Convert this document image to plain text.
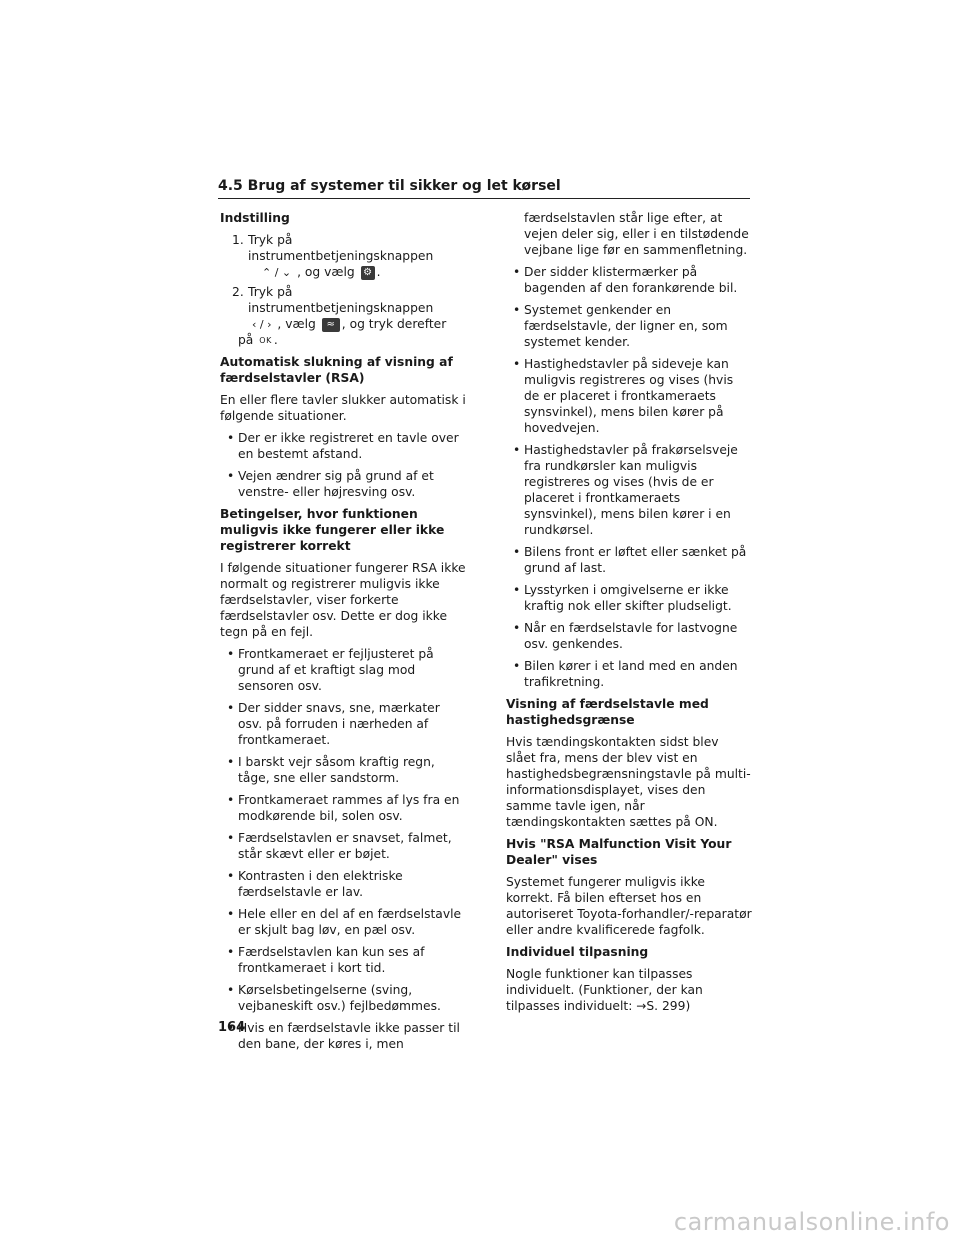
4.5 Brug af systemer til sikker og let kørsel
Indstilling
1. Tryk på instrumentbetjeningsknappen
⌃ / ⌄ , og vælg ⚙ .
2. Tryk på instrumentbetjeningsknappen
‹ / › , vælg ≈ , og tryk derefter
på OK .
Automatisk slukning af visning af færdselstavler (RSA)

En eller flere tavler slukker automatisk i følgende situationer.

• Der er ikke registreret en tavle over en bestemt afstand.
• Vejen ændrer sig på grund af et venstre- eller højresving osv.
Betingelser, hvor funktionen muligvis ikke fungerer eller ikke registrerer korrekt

I følgende situationer fungerer RSA ikke normalt og registrerer muligvis ikke færdselstavler, viser forkerte færdselstavler osv. Dette er dog ikke tegn på en fejl.

• Frontkameraet er fejljusteret på grund af et kraftigt slag mod sensoren osv.
• Der sidder snavs, sne, mærkater osv. på forruden i nærheden af frontkameraet.
• I barskt vejr såsom kraftig regn, tåge, sne eller sandstorm.
• Frontkameraet rammes af lys fra en modkørende bil, solen osv.
• Færdselstavlen er snavset, falmet, står skævt eller er bøjet.
• Kontrasten i den elektriske færdselstavle er lav.
• Hele eller en del af en færdselstavle er skjult bag løv, en pæl osv.
• Færdselstavlen kan kun ses af frontkameraet i kort tid.
• Kørselsbetingelserne (sving, vejbaneskift osv.) fejlbedømmes.
• Hvis en færdselstavle ikke passer til den bane, der køres i, men

færdselstavlen står lige efter, at vejen deler sig, eller i en tilstødende vejbane lige før en sammenfletning.

• Der sidder klistermærker på bagenden af den forankørende bil.
• Systemet genkender en færdselstavle, der ligner en, som systemet kender.
• Hastighedstavler på sideveje kan muligvis registreres og vises (hvis de er placeret i frontkameraets synsvinkel), mens bilen kører på hovedvejen.
• Hastighedstavler på frakørselsveje fra rundkørsler kan muligvis registreres og vises (hvis de er placeret i frontkameraets synsvinkel), mens bilen kører i en rundkørsel.
• Bilens front er løftet eller sænket på grund af last.
• Lysstyrken i omgivelserne er ikke kraftig nok eller skifter pludseligt.
• Når en færdselstavle for lastvogne osv. genkendes.
• Bilen kører i et land med en anden trafikretning.
Visning af færdselstavle med hastighedsgrænse

Hvis tændingskontakten sidst blev slået fra, mens der blev vist en hastighedsbegrænsningstavle på multi-informationsdisplayet, vises den samme tavle igen, når tændingskontakten sættes på ON.

Hvis "RSA Malfunction Visit Your Dealer" vises

Systemet fungerer muligvis ikke korrekt. Få bilen efterset hos en autoriseret Toyota-forhandler/-reparatør eller andre kvalificerede fagfolk.

Individuel tilpasning

Nogle funktioner kan tilpasses individuelt. (Funktioner, der kan tilpasses individuelt: →S. 299)

164
carmanualsonline.info
